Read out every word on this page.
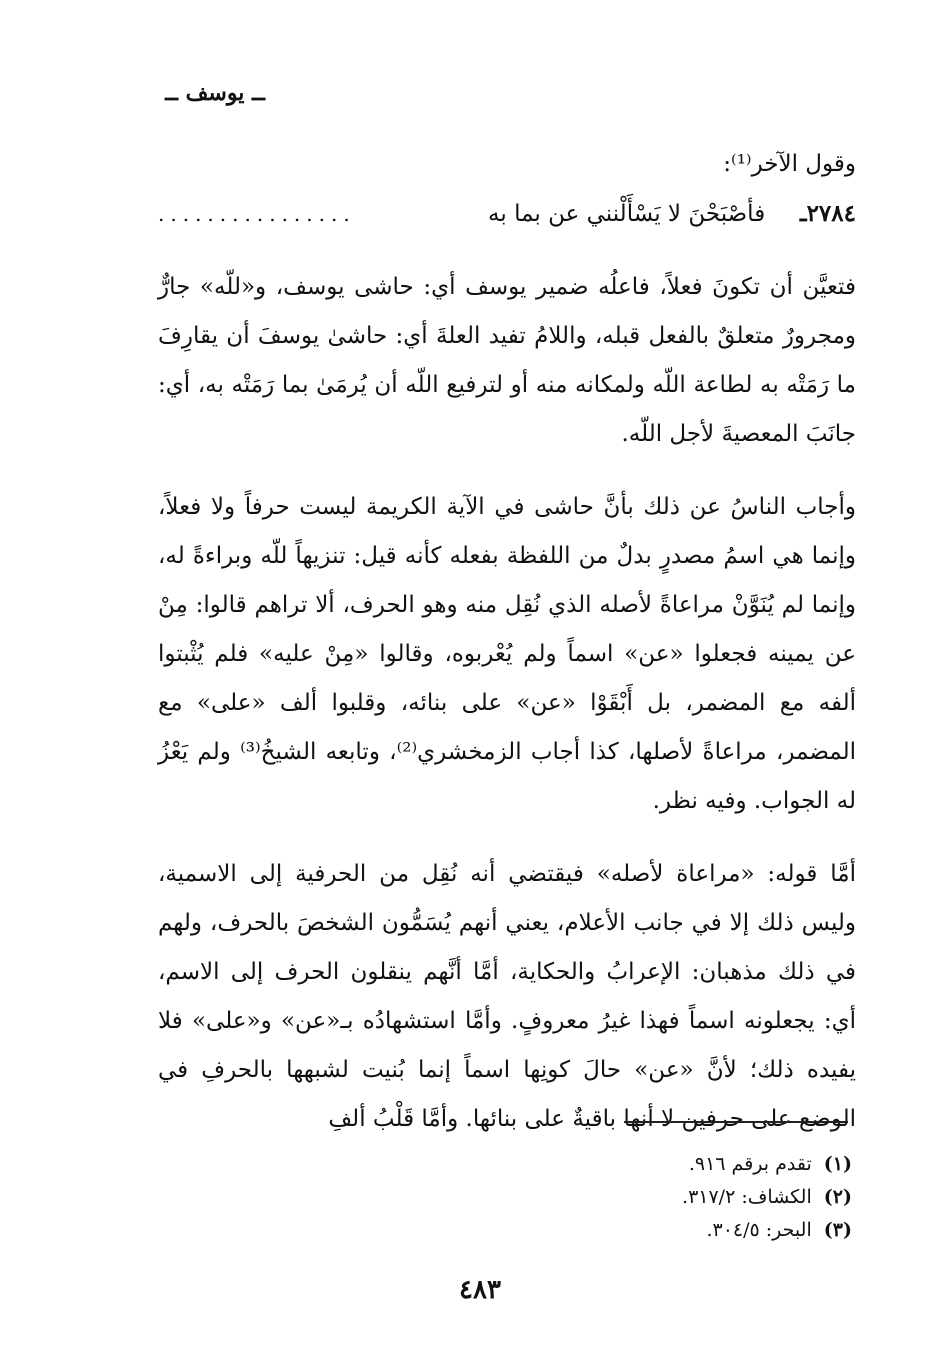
ــ يوسف ــ

وقول الآخر⁽¹⁾:

٢٧٨٤ـ  فأصْبَحْنَ لا يَسْأَلْنني عن بما به
................

فتعيَّن أن تكونَ فعلاً، فاعلُه ضمير يوسف أي: حاشى يوسف، و«للّه» جارٌّ ومجرورٌ متعلقٌ بالفعل قبله، واللامُ تفيد العلةَ أي: حاشىٰ يوسفَ أن يقارِفَ ما رَمَتْه به لطاعة اللّه ولمكانه منه أو لترفيع اللّه أن يُرمَىٰ بما رَمَتْه به، أي: جانَبَ المعصيةَ لأجل اللّه.

وأجاب الناسُ عن ذلك بأنَّ حاشى في الآية الكريمة ليست حرفاً ولا فعلاً، وإنما هي اسمُ مصدرٍ بدلٌ من اللفظة بفعله كأنه قيل: تنزيهاً للّه وبراءةً له، وإنما لم يُنَوَّنْ مراعاةً لأصله الذي نُقِل منه وهو الحرف، ألا تراهم قالوا: مِنْ عن يمينه فجعلوا «عن» اسماً ولم يُعْربوه، وقالوا «مِنْ عليه» فلم يُثْبتوا ألفه مع المضمر، بل أَبْقَوْا «عن» على بنائه، وقلبوا ألف «على» مع المضمر، مراعاةً لأصلها، كذا أجاب الزمخشري⁽²⁾، وتابعه الشيخُ⁽³⁾ ولم يَعْزُ له الجواب. وفيه نظر.

أمَّا قوله: «مراعاة لأصله» فيقتضي أنه نُقِل من الحرفية إلى الاسمية، وليس ذلك إلا في جانب الأعلام، يعني أنهم يُسَمُّون الشخصَ بالحرف، ولهم في ذلك مذهبان: الإعرابُ والحكاية، أمَّا أنَّهم ينقلون الحرف إلى الاسم، أي: يجعلونه اسماً فهذا غيرُ معروفٍ. وأمَّا استشهادُه بـ«عن» و«على» فلا يفيده ذلك؛ لأنَّ «عن» حالَ كونِها اسماً إنما بُنيت لشبهها بالحرفِ في الوضع على حرفين لا أنها باقيةٌ على بنائها. وأمَّا قَلْبُ ألفِ

(١) تقدم برقم ٩١٦.
(٢) الكشاف: ٣١٧/٢.
(٣) البحر: ٣٠٤/٥.
٤٨٣
